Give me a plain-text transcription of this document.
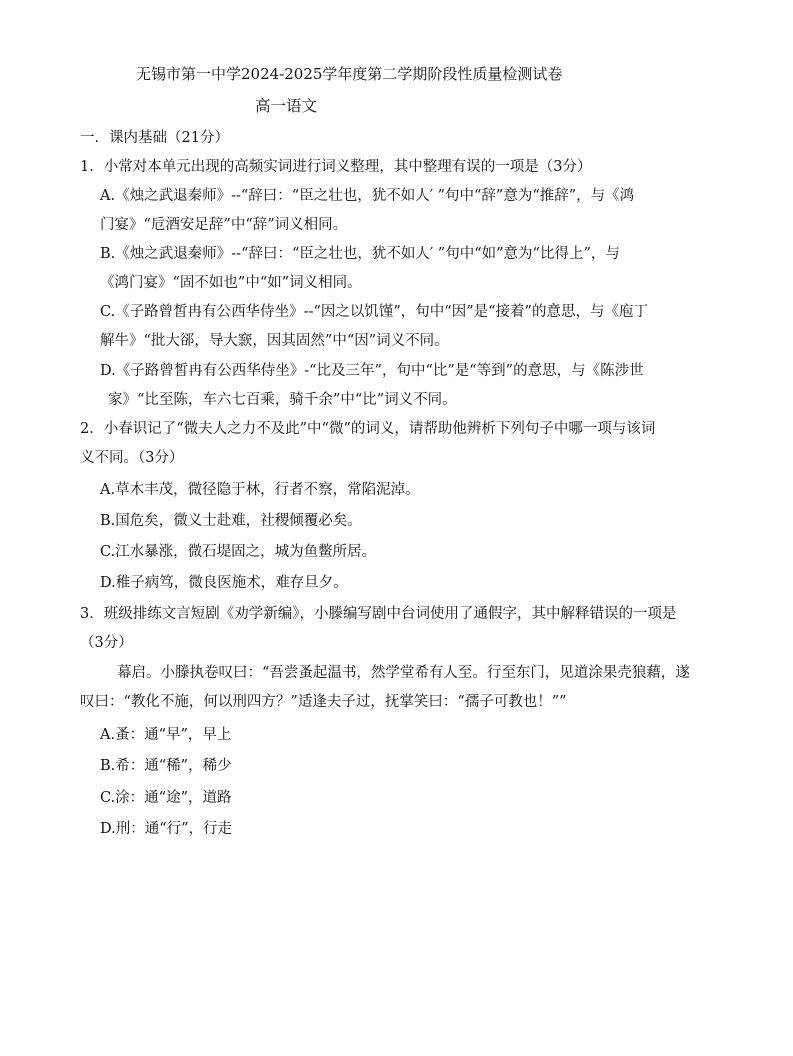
无锡市第一中学2024-2025学年度第二学期阶段性质量检测试卷
高一语文
一．课内基础（21分）
1．小常对本单元出现的高频实词进行词义整理，其中整理有误的一项是（3分）
A.《烛之武退秦师》--“辞曰：“臣之壮也，犹不如人′ ”句中“辞”意为“推辞”，与《鸿
门宴》“卮酒安足辞”中“辞”词义相同。
B.《烛之武退秦师》--“辞曰：“臣之壮也，犹不如人′ ”句中“如”意为“比得上”，与
《鸿门宴》“固不如也”中“如”词义相同。
C.《子路曾皙冉有公西华侍坐》--“因之以饥馑”，句中“因”是“接着”的意思，与《庖丁
解牛》“批大郤，导大窾，因其固然”中“因”词义不同。
D.《子路曾皙冉有公西华侍坐》-“比及三年”，句中“比”是“等到”的意思，与《陈涉世
家》“比至陈，车六七百乘，骑千余”中“比”词义不同。
2．小春识记了“微夫人之力不及此”中“微”的词义，请帮助他辨析下列句子中哪一项与该词
义不同。（3分）
A.草木丰茂，微径隐于林，行者不察，常陷泥淖。
B.国危矣，微义士赴难，社稷倾覆必矣。
C.江水暴涨，微石堤固之，城为鱼鳖所居。
D.稚子病笃，微良医施术，难存旦夕。
3．班级排练文言短剧《劝学新编》，小滕编写剧中台词使用了通假字，其中解释错误的一项是
（3分）
幕启。小滕执卷叹曰：“吾尝蚤起温书，然学堂希有人至。行至东门，见道涂果壳狼藉，遂
叹曰：“教化不施，何以刑四方？”适逢夫子过，抚掌笑曰：“孺子可教也！””
A.蚤：通“早”，早上
B.希：通“稀”，稀少
C.涂：通“途”，道路
D.刑：通“行”，行走
